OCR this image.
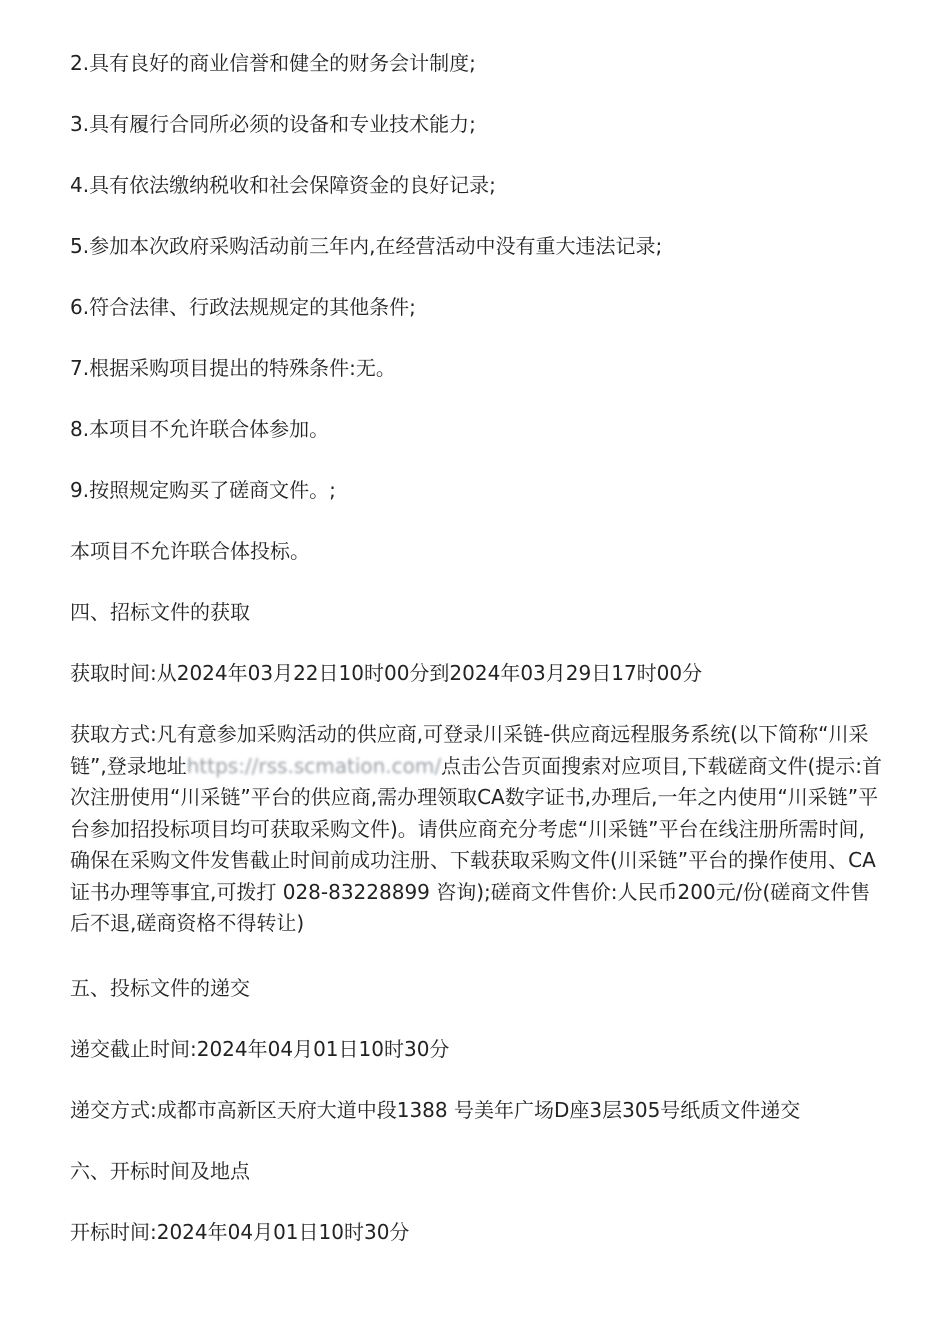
2.具有良好的商业信誉和健全的财务会计制度;

3.具有履行合同所必须的设备和专业技术能力;

4.具有依法缴纳税收和社会保障资金的良好记录;

5.参加本次政府采购活动前三年内,在经营活动中没有重大违法记录;

6.符合法律、行政法规规定的其他条件;

7.根据采购项目提出的特殊条件:无。

8.本项目不允许联合体参加。

9.按照规定购买了磋商文件。;

本项目不允许联合体投标。

四、招标文件的获取

获取时间:从2024年03月22日10时00分到2024年03月29日17时00分

获取方式:凡有意参加采购活动的供应商,可登录川采链-供应商远程服务系统(以下简称“川采链”,登录地址https://rss.scmation.com/点击公告页面搜索对应项目,下载磋商文件(提示:首次注册使用“川采链”平台的供应商,需办理领取CA数字证书,办理后,一年之内使用“川采链”平台参加招投标项目均可获取采购文件)。请供应商充分考虑“川采链”平台在线注册所需时间,确保在采购文件发售截止时间前成功注册、下载获取采购文件(川采链”平台的操作使用、CA证书办理等事宜,可拨打 028-83228899 咨询);磋商文件售价:人民币200元/份(磋商文件售后不退,磋商资格不得转让)

五、投标文件的递交

递交截止时间:2024年04月01日10时30分

递交方式:成都市高新区天府大道中段1388 号美年广场D座3层305号纸质文件递交

六、开标时间及地点

开标时间:2024年04月01日10时30分
